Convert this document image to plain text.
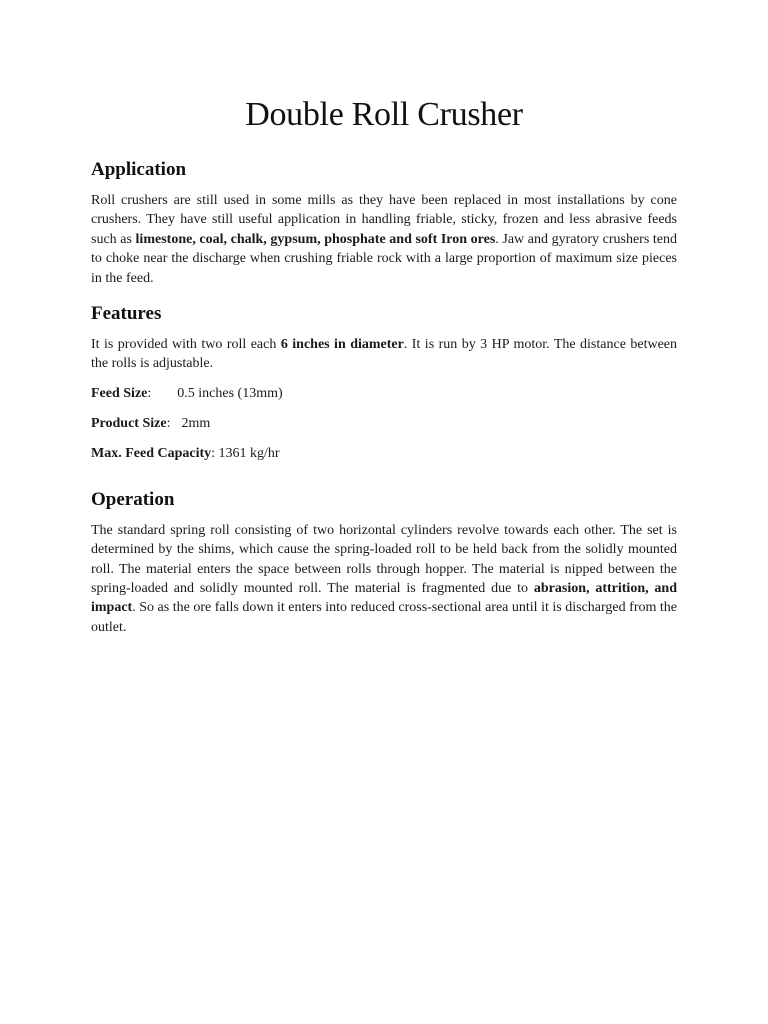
Double Roll Crusher
Application

Roll crushers are still used in some mills as they have been replaced in most installations by cone crushers. They have still useful application in handling friable, sticky, frozen and less abrasive feeds such as limestone, coal, chalk, gypsum, phosphate and soft Iron ores. Jaw and gyratory crushers tend to choke near the discharge when crushing friable rock with a large proportion of maximum size pieces in the feed.

Features

It is provided with two roll each 6 inches in diameter. It is run by 3 HP motor. The distance between the rolls is adjustable.

Feed Size: 0.5 inches (13mm)
Product Size: 2mm
Max. Feed Capacity: 1361 kg/hr
Operation

The standard spring roll consisting of two horizontal cylinders revolve towards each other. The set is determined by the shims, which cause the spring-loaded roll to be held back from the solidly mounted roll. The material enters the space between rolls through hopper. The material is nipped between the spring-loaded and solidly mounted roll. The material is fragmented due to abrasion, attrition, and impact. So as the ore falls down it enters into reduced cross-sectional area until it is discharged from the outlet.
